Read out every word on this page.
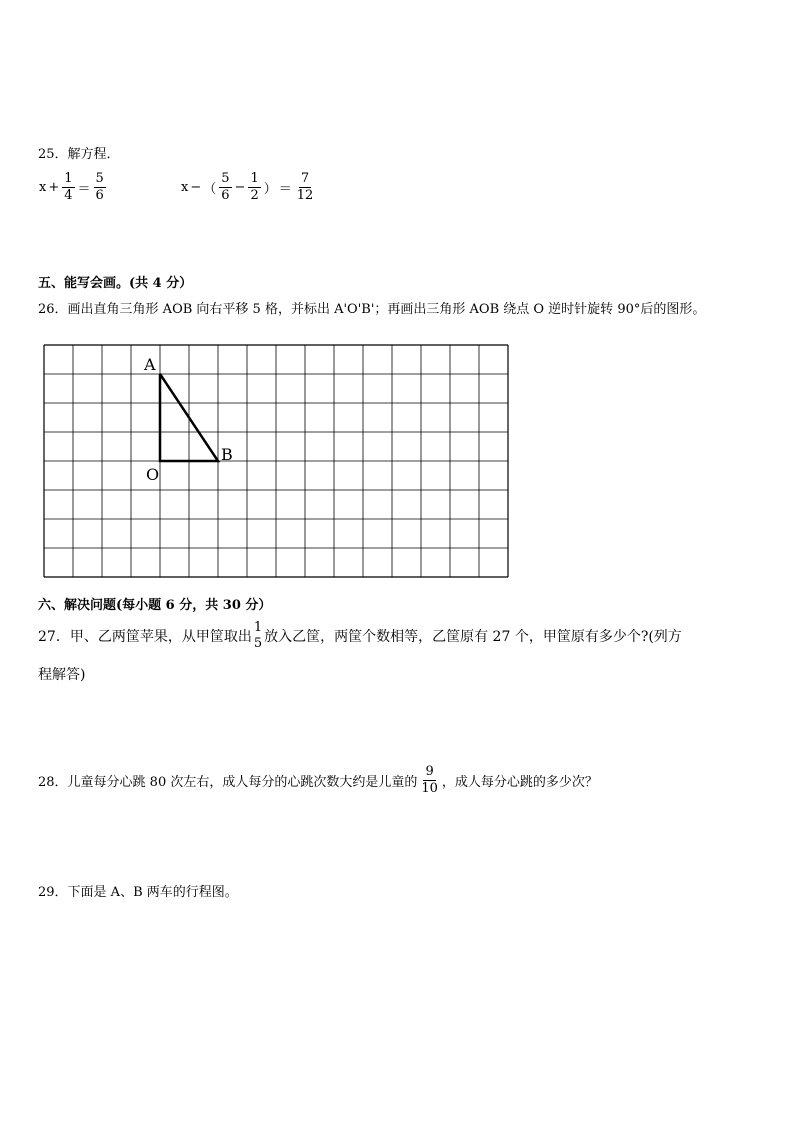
25．解方程．
$x + \frac{1}{4} = \frac{5}{6}$	x − （ $\frac{5}{6} - \frac{1}{2}$ ） ＝ $\frac{7}{12}$
五、能写会画。(共 4 分）
26．画出直角三角形 AOB 向右平移 5 格，并标出 A'O'B'；再画出三角形 AOB 绕点 O 逆时针旋转 90°后的图形。
A
O
B
六、解决问题(每小题 6 分，共 30 分）
27．甲、乙两筐苹果，从甲筐取出
1
5 放入乙筐，两筐个数相等，乙筐原有 27 个，甲筐原有多少个?(列方
程解答)
28．儿童每分心跳 80 次左右，成人每分的心跳次数大约是儿童的 $\frac{9}{10}$ ，成人每分心跳的多少次？
29．下面是 A、B 两车的行程图。
